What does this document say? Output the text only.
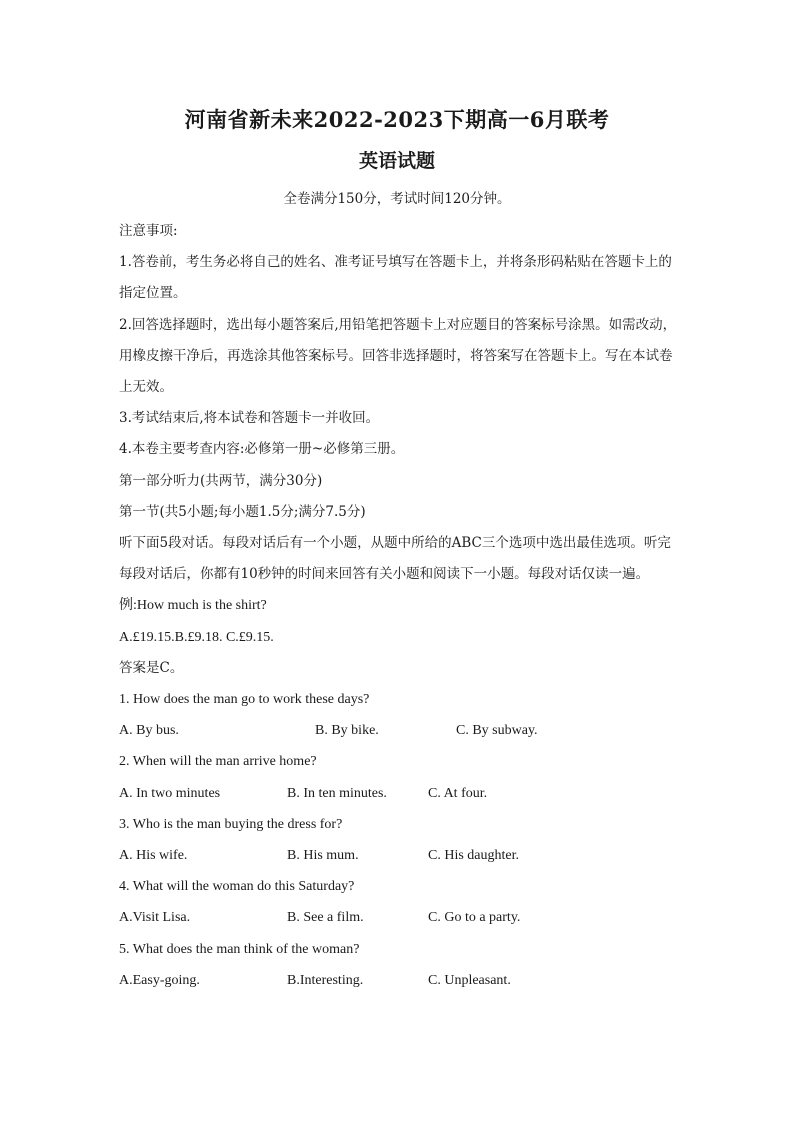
河南省新未来2022-2023下期高一6月联考
英语试题
全卷满分150分，考试时间120分钟。

注意事项:

1.答卷前，考生务必将自己的姓名、准考证号填写在答题卡上，并将条形码粘贴在答题卡上的指定位置。

2.回答选择题时，选出每小题答案后,用铅笔把答题卡上对应题目的答案标号涂黑。如需改动，用橡皮擦干净后，再选涂其他答案标号。回答非选择题时，将答案写在答题卡上。写在本试卷上无效。

3.考试结束后,将本试卷和答题卡一并收回。

4.本卷主要考查内容:必修第一册~必修第三册。

第一部分听力(共两节，满分30分)

第一节(共5小题;每小题1.5分;满分7.5分)

听下面5段对话。每段对话后有一个小题，从题中所给的ABC三个选项中选出最佳选项。听完每段对话后，你都有10秒钟的时间来回答有关小题和阅读下一小题。每段对话仅读一遍。

例:How much is the shirt?

A.£19.15.B.£9.18. C.£9.15.

答案是C。

1. How does the man go to work these days?

A. By bus.	B. By bike.	C. By subway.

2. When will the man arrive home?

A. In two minutes	B. In ten minutes.	C. At four.

3. Who is the man buying the dress for?

A. His wife.	B. His mum.	C. His daughter.

4. What will the woman do this Saturday?

A.Visit Lisa.	B. See a film.	C. Go to a party.

5. What does the man think of the woman?

A.Easy-going.	B.Interesting.	C. Unpleasant.
